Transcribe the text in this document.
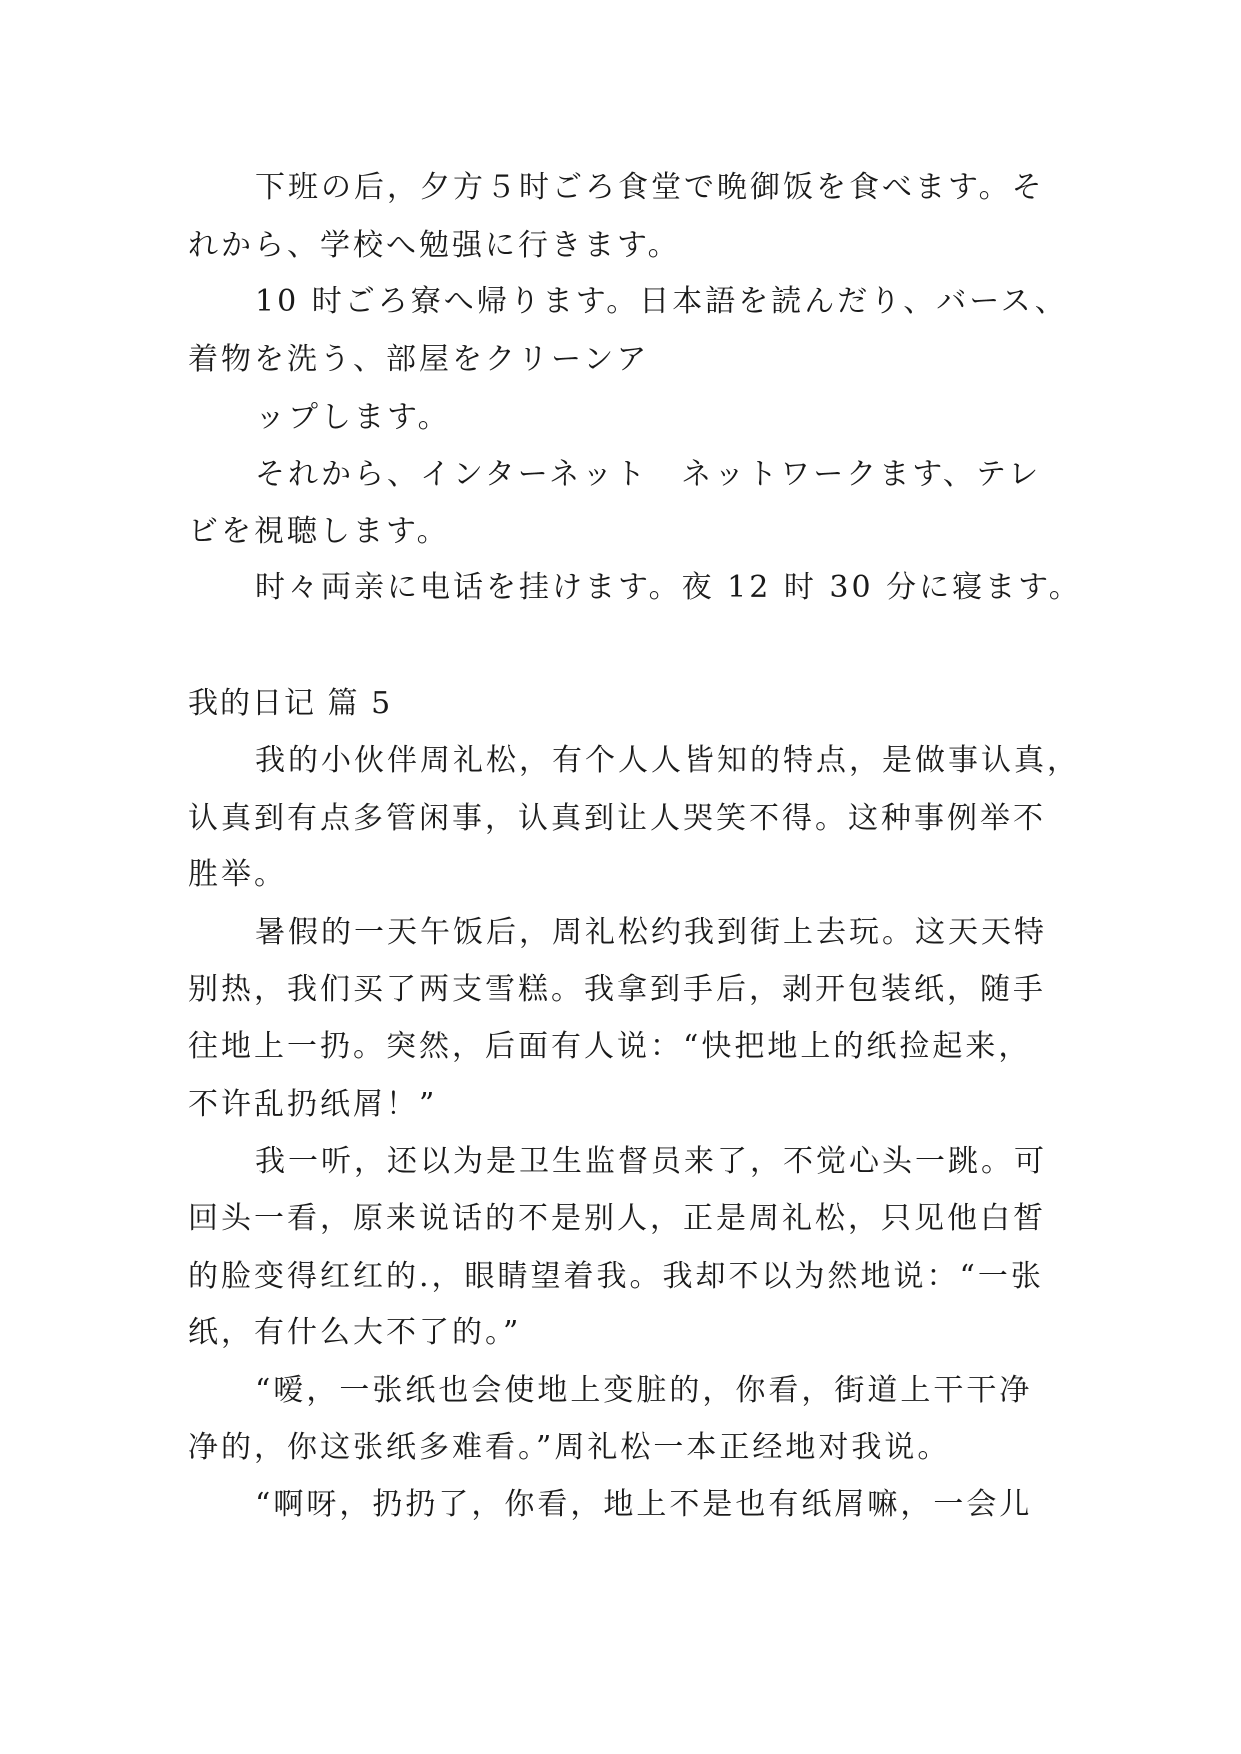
下班の后，夕方５时ごろ食堂で晩御饭を食べます。そ
れから、学校へ勉强に行きます。
10 时ごろ寮へ帰ります。日本語を読んだり、バース、
着物を洗う、部屋をクリーンア
ップします。
それから、インターネット　ネットワークます、テレ
ビを視聴します。
时々両亲に电话を挂けます。夜 12 时 30 分に寝ます。
我的日记 篇 5
我的小伙伴周礼松，有个人人皆知的特点，是做事认真，
认真到有点多管闲事，认真到让人哭笑不得。这种事例举不
胜举。
暑假的一天午饭后，周礼松约我到街上去玩。这天天特
别热，我们买了两支雪糕。我拿到手后，剥开包装纸，随手
往地上一扔。突然，后面有人说：“快把地上的纸捡起来，
不许乱扔纸屑！”
我一听，还以为是卫生监督员来了，不觉心头一跳。可
回头一看，原来说话的不是别人，正是周礼松，只见他白皙
的脸变得红红的.，眼睛望着我。我却不以为然地说：“一张
纸，有什么大不了的。”
“嗳，一张纸也会使地上变脏的，你看，街道上干干净
净的，你这张纸多难看。”周礼松一本正经地对我说。
“啊呀，扔扔了，你看，地上不是也有纸屑嘛，一会儿
